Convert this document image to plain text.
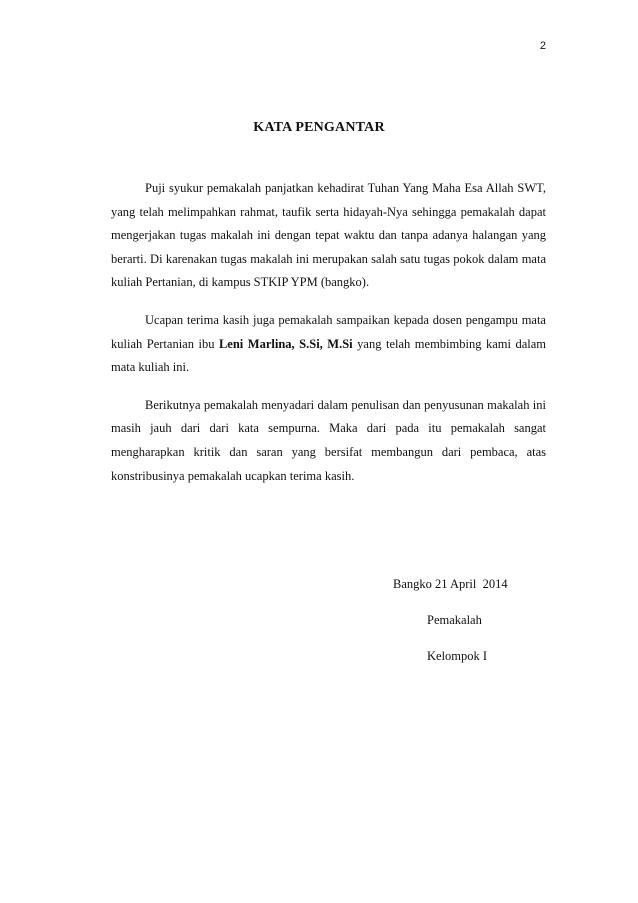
2
KATA PENGANTAR

Puji syukur pemakalah panjatkan kehadirat Tuhan Yang Maha Esa Allah SWT, yang telah melimpahkan rahmat, taufik serta hidayah-Nya sehingga pemakalah dapat mengerjakan tugas makalah ini dengan tepat waktu dan tanpa adanya halangan yang berarti. Di karenakan tugas makalah ini merupakan salah satu tugas pokok dalam mata kuliah Pertanian, di kampus STKIP YPM (bangko).

Ucapan terima kasih juga pemakalah sampaikan kepada dosen pengampu mata kuliah Pertanian ibu Leni Marlina, S.Si, M.Si yang telah membimbing kami dalam mata kuliah ini.

Berikutnya pemakalah menyadari dalam penulisan dan penyusunan makalah ini masih jauh dari dari kata sempurna. Maka dari pada itu pemakalah sangat mengharapkan kritik dan saran yang bersifat membangun dari pembaca, atas konstribusinya pemakalah ucapkan terima kasih.

Bangko 21 April  2014
Pemakalah
Kelompok I
